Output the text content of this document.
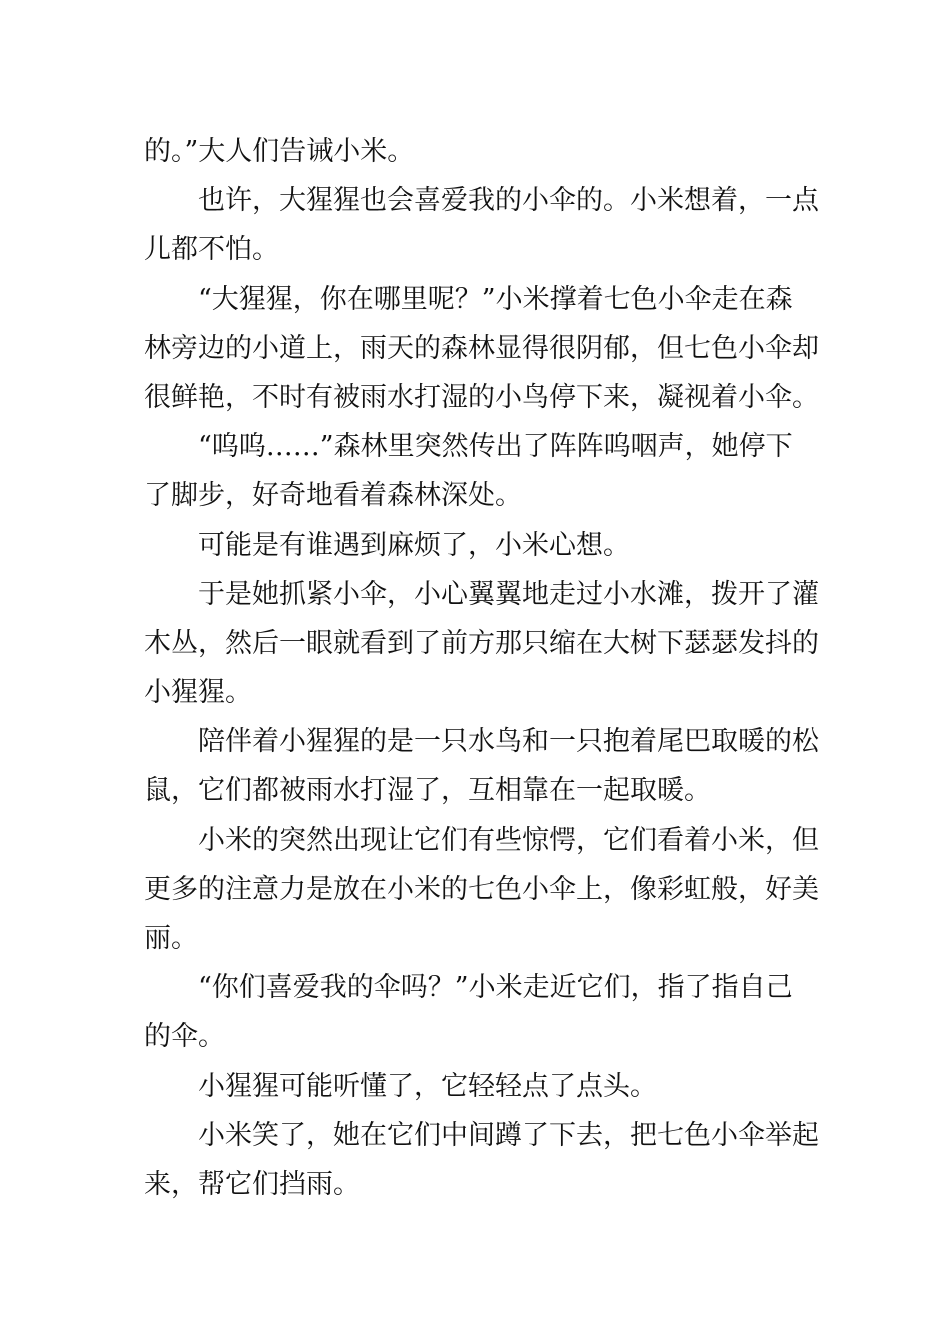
的。”大人们告诫小米。
也许，大猩猩也会喜爱我的小伞的。小米想着，一点
儿都不怕。
“大猩猩，你在哪里呢？”小米撑着七色小伞走在森
林旁边的小道上，雨天的森林显得很阴郁，但七色小伞却
很鲜艳，不时有被雨水打湿的小鸟停下来，凝视着小伞。
“呜呜……”森林里突然传出了阵阵呜咽声，她停下
了脚步，好奇地看着森林深处。
可能是有谁遇到麻烦了，小米心想。
于是她抓紧小伞，小心翼翼地走过小水滩，拨开了灌
木丛，然后一眼就看到了前方那只缩在大树下瑟瑟发抖的
小猩猩。
陪伴着小猩猩的是一只水鸟和一只抱着尾巴取暖的松
鼠，它们都被雨水打湿了，互相靠在一起取暖。
小米的突然出现让它们有些惊愕，它们看着小米，但
更多的注意力是放在小米的七色小伞上，像彩虹般，好美
丽。
“你们喜爱我的伞吗？”小米走近它们，指了指自己
的伞。
小猩猩可能听懂了，它轻轻点了点头。
小米笑了，她在它们中间蹲了下去，把七色小伞举起
来，帮它们挡雨。
